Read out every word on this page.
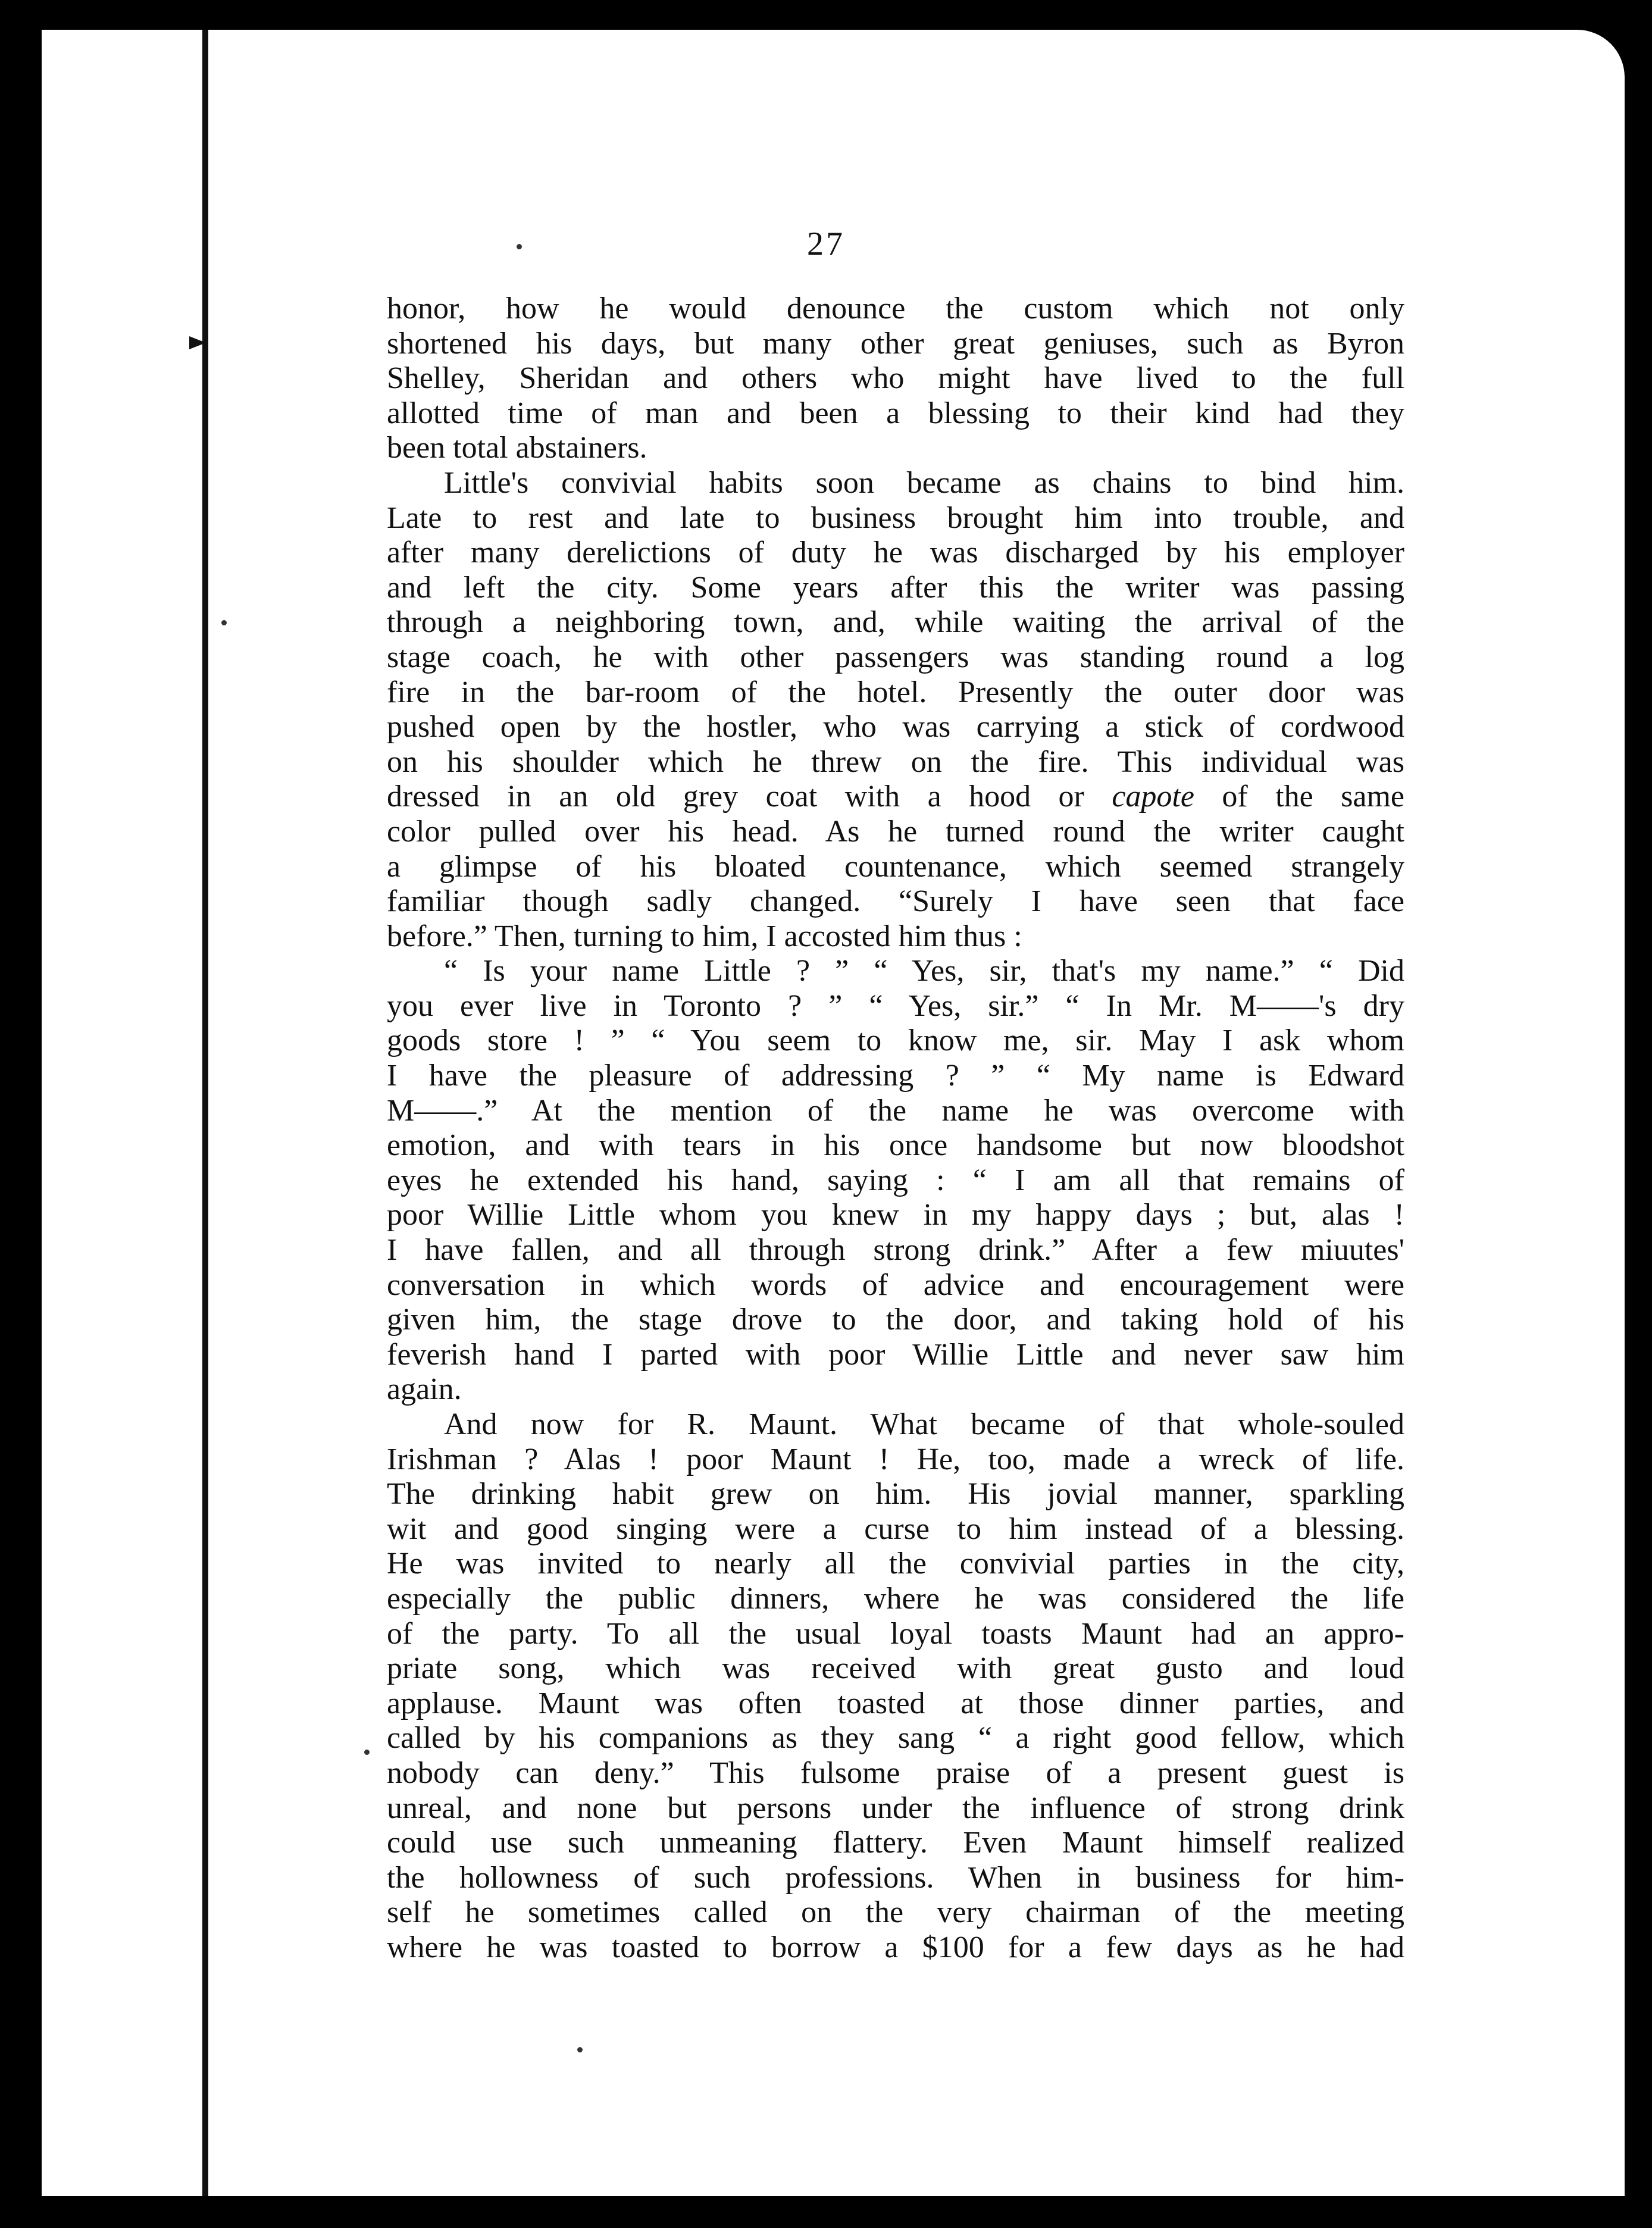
27
honor, how he would denounce the custom which not only
shortened his days, but many other great geniuses, such as Byron
Shelley, Sheridan and others who might have lived to the full
allotted time of man and been a blessing to their kind had they
been total abstainers.
Little's convivial habits soon became as chains to bind him.
Late to rest and late to business brought him into trouble, and
after many derelictions of duty he was discharged by his employer
and left the city. Some years after this the writer was passing
through a neighboring town, and, while waiting the arrival of the
stage coach, he with other passengers was standing round a log
fire in the bar-room of the hotel. Presently the outer door was
pushed open by the hostler, who was carrying a stick of cordwood
on his shoulder which he threw on the fire. This individual was
dressed in an old grey coat with a hood or capote of the same
color pulled over his head. As he turned round the writer caught
a glimpse of his bloated countenance, which seemed strangely
familiar though sadly changed. “Surely I have seen that face
before.” Then, turning to him, I accosted him thus :
“ Is your name Little ? ” “ Yes, sir, that's my name.” “ Did
you ever live in Toronto ? ” “ Yes, sir.” “ In Mr. M——'s dry
goods store ! ” “ You seem to know me, sir. May I ask whom
I have the pleasure of addressing ? ” “ My name is Edward
M——.” At the mention of the name he was overcome with
emotion, and with tears in his once handsome but now bloodshot
eyes he extended his hand, saying : “ I am all that remains of
poor Willie Little whom you knew in my happy days ; but, alas !
I have fallen, and all through strong drink.” After a few miuutes'
conversation in which words of advice and encouragement were
given him, the stage drove to the door, and taking hold of his
feverish hand I parted with poor Willie Little and never saw him
again.
And now for R. Maunt. What became of that whole-souled
Irishman ? Alas ! poor Maunt ! He, too, made a wreck of life.
The drinking habit grew on him. His jovial manner, sparkling
wit and good singing were a curse to him instead of a blessing.
He was invited to nearly all the convivial parties in the city,
especially the public dinners, where he was considered the life
of the party. To all the usual loyal toasts Maunt had an appro-
priate song, which was received with great gusto and loud
applause. Maunt was often toasted at those dinner parties, and
called by his companions as they sang “ a right good fellow, which
nobody can deny.” This fulsome praise of a present guest is
unreal, and none but persons under the influence of strong drink
could use such unmeaning flattery. Even Maunt himself realized
the hollowness of such professions. When in business for him-
self he sometimes called on the very chairman of the meeting
where he was toasted to borrow a $100 for a few days as he had
